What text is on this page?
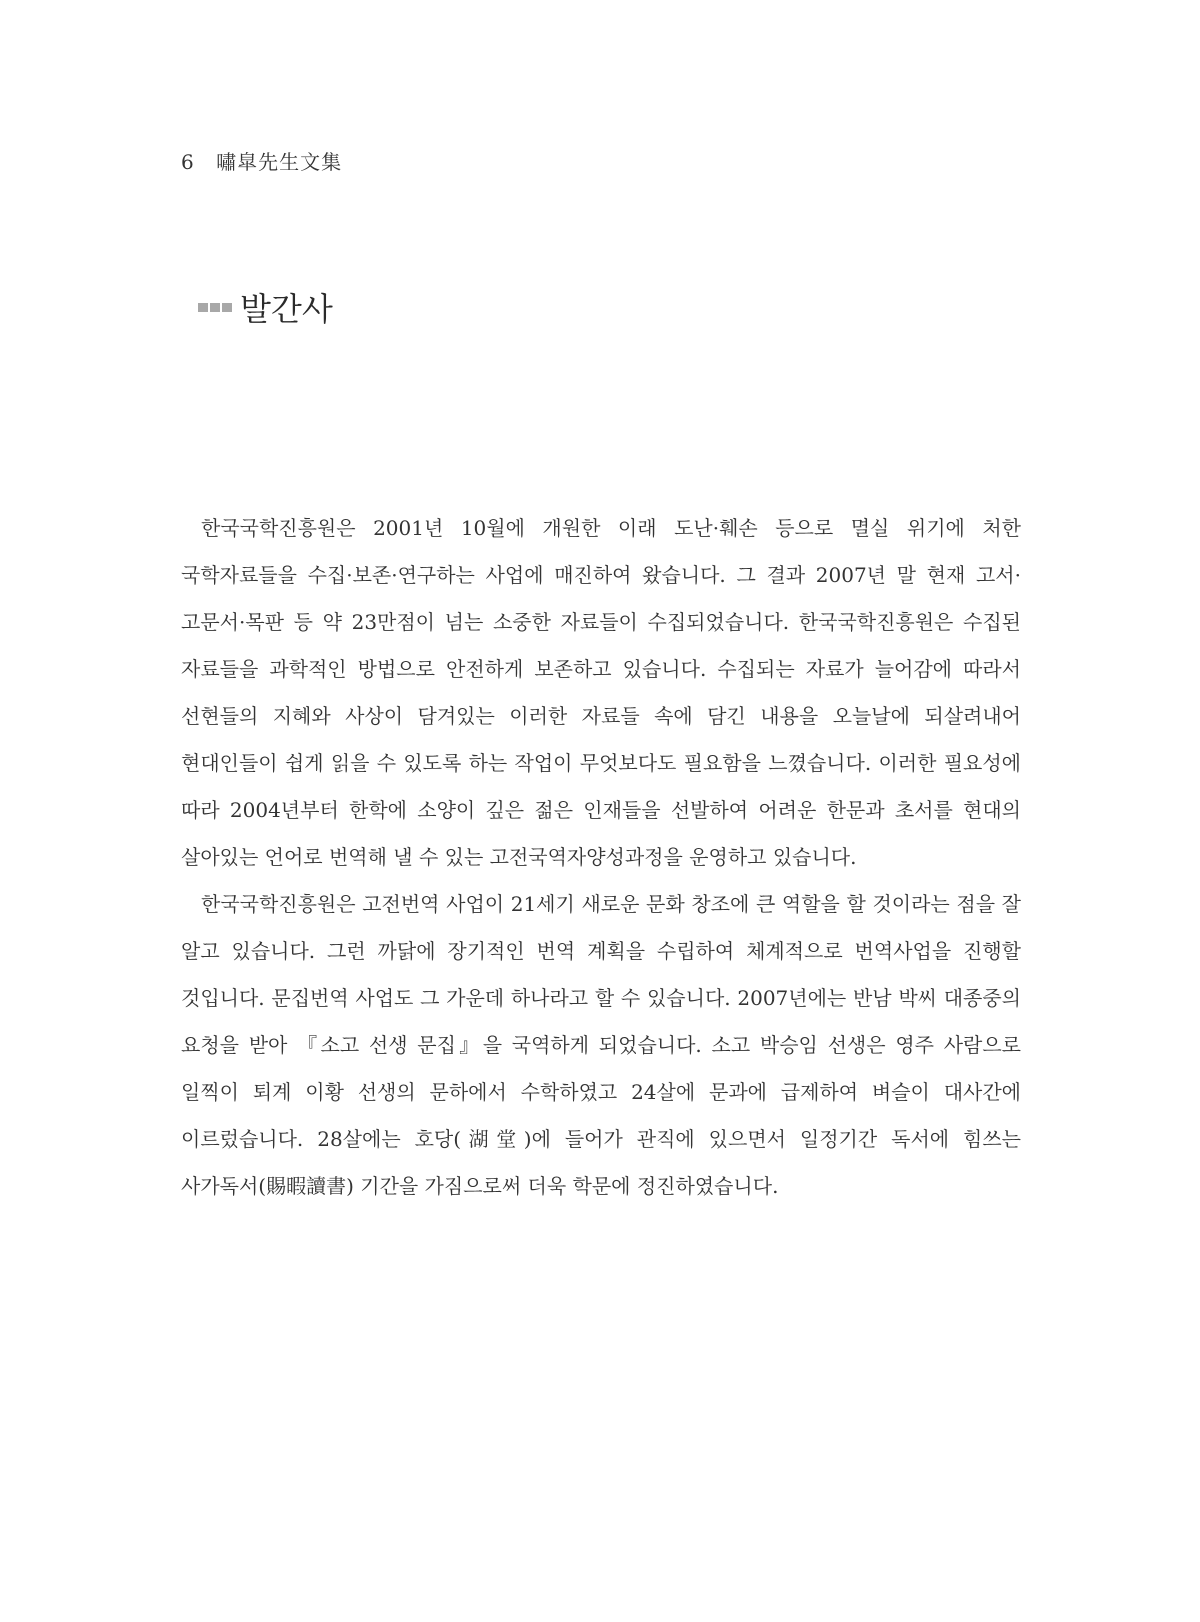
6 嘯皐先生文集
발간사

한국국학진흥원은 2001년 10월에 개원한 이래 도난·훼손 등으로 멸실 위기에 처한 국학자료들을 수집·보존·연구하는 사업에 매진하여 왔습니다. 그 결과 2007년 말 현재 고서·고문서·목판 등 약 23만점이 넘는 소중한 자료들이 수집되었습니다. 한국국학진흥원은 수집된 자료들을 과학적인 방법으로 안전하게 보존하고 있습니다. 수집되는 자료가 늘어감에 따라서 선현들의 지혜와 사상이 담겨있는 이러한 자료들 속에 담긴 내용을 오늘날에 되살려내어 현대인들이 쉽게 읽을 수 있도록 하는 작업이 무엇보다도 필요함을 느꼈습니다. 이러한 필요성에 따라 2004년부터 한학에 소양이 깊은 젊은 인재들을 선발하여 어려운 한문과 초서를 현대의 살아있는 언어로 번역해 낼 수 있는 고전국역자양성과정을 운영하고 있습니다.

한국국학진흥원은 고전번역 사업이 21세기 새로운 문화 창조에 큰 역할을 할 것이라는 점을 잘 알고 있습니다. 그런 까닭에 장기적인 번역 계획을 수립하여 체계적으로 번역사업을 진행할 것입니다. 문집번역 사업도 그 가운데 하나라고 할 수 있습니다. 2007년에는 반남 박씨 대종중의 요청을 받아 『소고 선생 문집』을 국역하게 되었습니다. 소고 박승임 선생은 영주 사람으로 일찍이 퇴계 이황 선생의 문하에서 수학하였고 24살에 문과에 급제하여 벼슬이 대사간에 이르렀습니다. 28살에는 호당(湖堂)에 들어가 관직에 있으면서 일정기간 독서에 힘쓰는 사가독서(賜暇讀書) 기간을 가짐으로써 더욱 학문에 정진하였습니다.
